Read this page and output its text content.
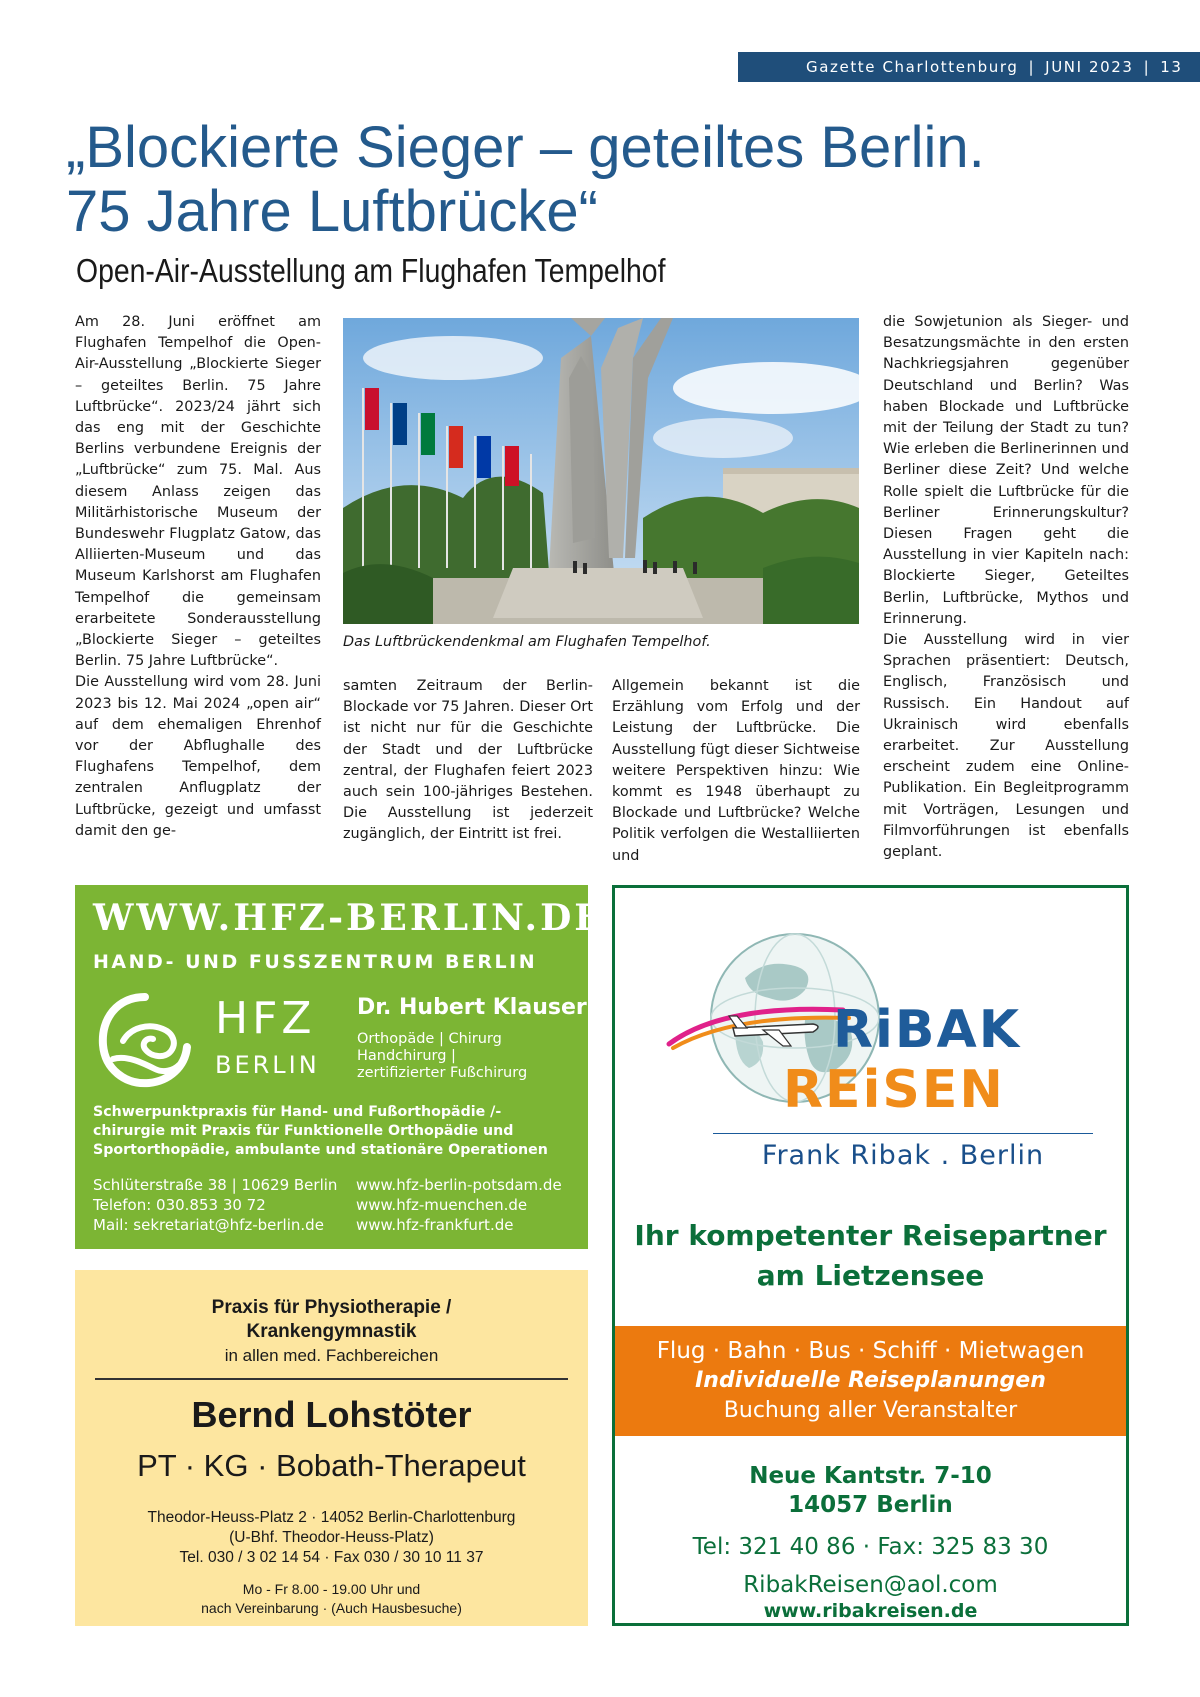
Gazette Charlottenburg | JUNI 2023 | 13
„Blockierte Sieger – geteiltes Berlin.
75 Jahre Luftbrücke“
Open-Air-Ausstellung am Flughafen Tempelhof

Am 28. Juni eröffnet am Flughafen Tempelhof die Open-Air-Ausstellung „Blockierte Sieger – geteiltes Berlin. 75 Jahre Luftbrücke“. 2023/24 jährt sich das eng mit der Geschichte Berlins verbundene Ereignis der „Luftbrücke“ zum 75. Mal. Aus diesem Anlass zeigen das Militärhistorische Museum der Bundeswehr Flugplatz Gatow, das Alliierten-Museum und das Museum Karlshorst am Flughafen Tempelhof die gemeinsam erarbeitete Sonderausstellung „Blockierte Sieger – geteiltes Berlin. 75 Jahre Luftbrücke“.

Die Ausstellung wird vom 28. Juni 2023 bis 12. Mai 2024 „open air“ auf dem ehemaligen Ehrenhof vor der Abflughalle des Flughafens Tempelhof, dem zentralen Anflugplatz der Luftbrücke, gezeigt und umfasst damit den ge-

Das Luftbrückendenkmal am Flughafen Tempelhof.

samten Zeitraum der Berlin-Blockade vor 75 Jahren. Dieser Ort ist nicht nur für die Geschichte der Stadt und der Luftbrücke zentral, der Flughafen feiert 2023 auch sein 100-jähriges Bestehen. Die Ausstellung ist jederzeit zugänglich, der Eintritt ist frei.

Allgemein bekannt ist die Erzählung vom Erfolg und der Leistung der Luftbrücke. Die Ausstellung fügt dieser Sichtweise weitere Perspektiven hinzu: Wie kommt es 1948 überhaupt zu Blockade und Luftbrücke? Welche Politik verfolgen die Westalliierten und

die Sowjetunion als Sieger- und Besatzungsmächte in den ersten Nachkriegsjahren gegenüber Deutschland und Berlin? Was haben Blockade und Luftbrücke mit der Teilung der Stadt zu tun? Wie erleben die Berlinerinnen und Berliner diese Zeit? Und welche Rolle spielt die Luftbrücke für die Berliner Erinnerungskultur? Diesen Fragen geht die Ausstellung in vier Kapiteln nach: Blockierte Sieger, Geteiltes Berlin, Luftbrücke, Mythos und Erinnerung.

Die Ausstellung wird in vier Sprachen präsentiert: Deutsch, Englisch, Französisch und Russisch. Ein Handout auf Ukrainisch wird ebenfalls erarbeitet. Zur Ausstellung erscheint zudem eine Online-Publikation. Ein Begleitprogramm mit Vorträgen, Lesungen und Filmvorführungen ist ebenfalls geplant.

WWW.HFZ-BERLIN.DE
HAND- UND FUSSZENTRUM BERLIN
HFZ
BERLIN
Dr. Hubert Klauser
Orthopäde | Chirurg
Handchirurg |
zertifizierter Fußchirurg
Schwerpunktpraxis für Hand- und Fußorthopädie /-chirurgie mit Praxis für Funktionelle Orthopädie und Sportorthopädie, ambulante und stationäre Operationen
Schlüterstraße 38 | 10629 Berlin
Telefon: 030.853 30 72
Mail: sekretariat@hfz-berlin.de
www.hfz-berlin-potsdam.de
www.hfz-muenchen.de
www.hfz-frankfurt.de
Praxis für Physiotherapie /
Krankengymnastik
in allen med. Fachbereichen
Bernd Lohstöter
PT · KG · Bobath-Therapeut
Theodor-Heuss-Platz 2 · 14052 Berlin-Charlottenburg
(U-Bhf. Theodor-Heuss-Platz)
Tel. 030 / 3 02 14 54 · Fax 030 / 30 10 11 37
Mo - Fr 8.00 - 19.00 Uhr und
nach Vereinbarung · (Auch Hausbesuche)
RiBAK
REiSEN
Frank Ribak . Berlin
Ihr kompetenter Reisepartner
am Lietzensee
Flug · Bahn · Bus · Schiff · Mietwagen
Individuelle Reiseplanungen
Buchung aller Veranstalter
Neue Kantstr. 7-10
14057 Berlin
Tel: 321 40 86 · Fax: 325 83 30
RibakReisen@aol.com
www.ribakreisen.de
